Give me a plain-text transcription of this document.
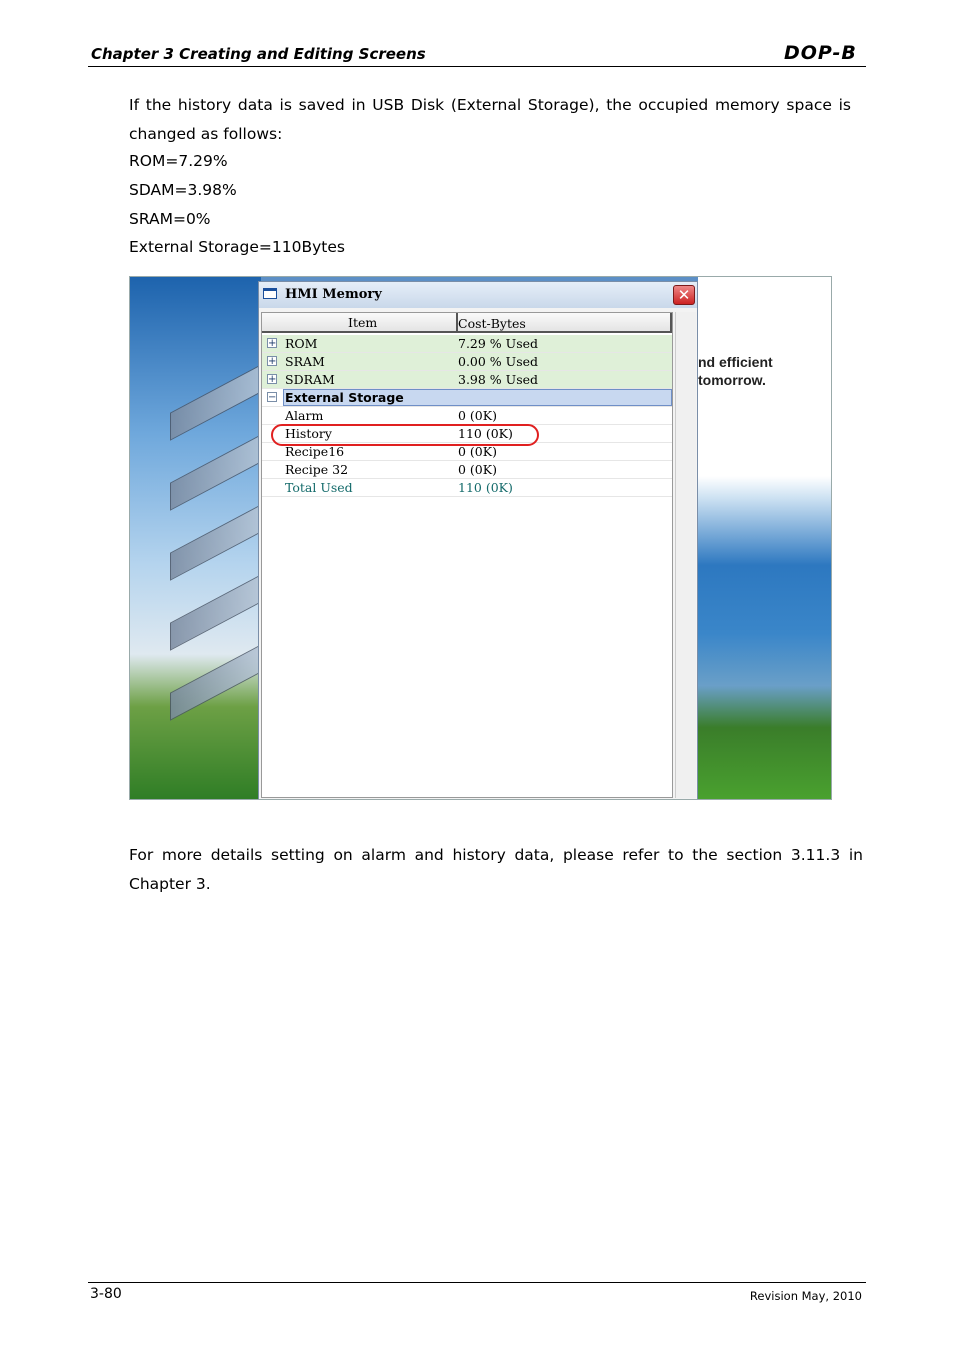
Chapter 3 Creating and Editing Screens	DOP-B
If the history data is saved in USB Disk (External Storage), the occupied memory space is changed as follows:
ROM=7.29%
SDAM=3.98%
SRAM=0%
External Storage=110Bytes
nd efficient
tomorrow.
HMI Memory	✕
Item	Cost-Bytes
+ ROM	7.29 % Used
+ SRAM	0.00 % Used
+ SDRAM	3.98 % Used
− External Storage
Alarm	0 (0K)
History	110 (0K)
Recipe16	0 (0K)
Recipe 32	0 (0K)
Total Used	110 (0K)
For more details setting on alarm and history data, please refer to the section 3.11.3 in Chapter 3.
3-80	Revision May, 2010
